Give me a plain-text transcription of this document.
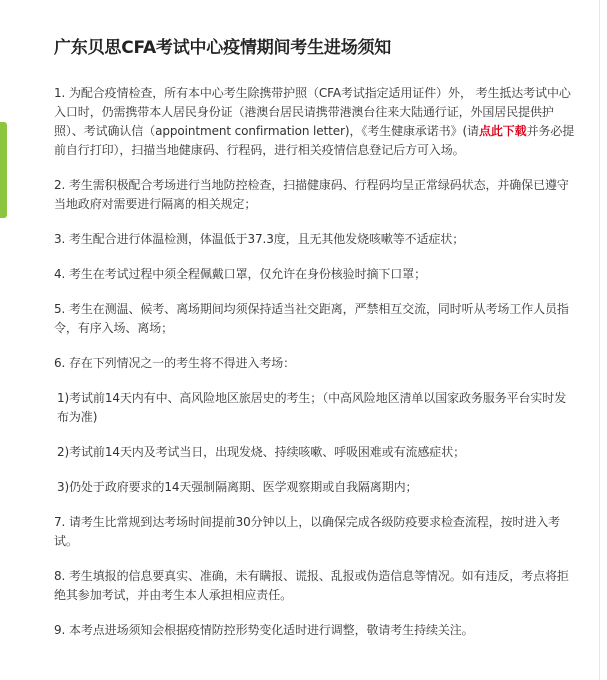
广东贝思CFA考试中心疫情期间考生进场须知

1. 为配合疫情检查，所有本中心考生除携带护照（CFA考试指定适用证件）外， 考生抵达考试中心入口时，仍需携带本人居民身份证（港澳台居民请携带港澳台往来大陆通行证，外国居民提供护照）、考试确认信（appointment confirmation letter)，《考生健康承诺书》(请点此下载并务必提前自行打印），扫描当地健康码、行程码，进行相关疫情信息登记后方可入场。

2. 考生需积极配合考场进行当地防控检查，扫描健康码、行程码均呈正常绿码状态，并确保已遵守当地政府对需要进行隔离的相关规定；

3. 考生配合进行体温检测，体温低于37.3度，且无其他发烧咳嗽等不适症状；

4. 考生在考试过程中须全程佩戴口罩，仅允许在身份核验时摘下口罩；

5. 考生在测温、候考、离场期间均须保持适当社交距离，严禁相互交流，同时听从考场工作人员指令，有序入场、离场；

6. 存在下列情况之一的考生将不得进入考场：

1)考试前14天内有中、高风险地区旅居史的考生；（中高风险地区清单以国家政务服务平台实时发布为准)

2)考试前14天内及考试当日，出现发烧、持续咳嗽、呼吸困难或有流感症状；

3)仍处于政府要求的14天强制隔离期、医学观察期或自我隔离期内；

7. 请考生比常规到达考场时间提前30分钟以上，以确保完成各级防疫要求检查流程，按时进入考试。

8. 考生填报的信息要真实、准确，未有瞒报、谎报、乱报或伪造信息等情况。如有违反，考点将拒绝其参加考试，并由考生本人承担相应责任。

9. 本考点进场须知会根据疫情防控形势变化适时进行调整，敬请考生持续关注。
